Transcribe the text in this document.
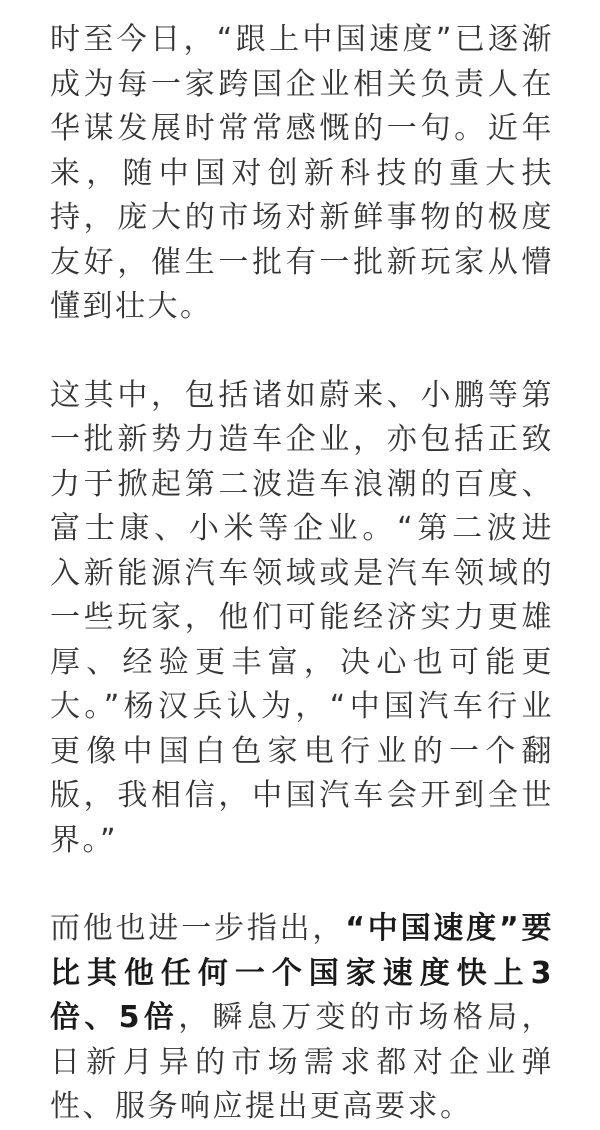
时至今日，“跟上中国速度”已逐渐成为每一家跨国企业相关负责人在华谋发展时常常感慨的一句。近年来，随中国对创新科技的重大扶持，庞大的市场对新鲜事物的极度友好，催生一批有一批新玩家从懵懂到壮大。

这其中，包括诸如蔚来、小鹏等第一批新势力造车企业，亦包括正致力于掀起第二波造车浪潮的百度、富士康、小米等企业。“第二波进入新能源汽车领域或是汽车领域的一些玩家，他们可能经济实力更雄厚、经验更丰富，决心也可能更大。”杨汉兵认为，“中国汽车行业更像中国白色家电行业的一个翻版，我相信，中国汽车会开到全世界。”

而他也进一步指出，“中国速度”要比其他任何一个国家速度快上3倍、5倍，瞬息万变的市场格局，日新月异的市场需求都对企业弹性、服务响应提出更高要求。
